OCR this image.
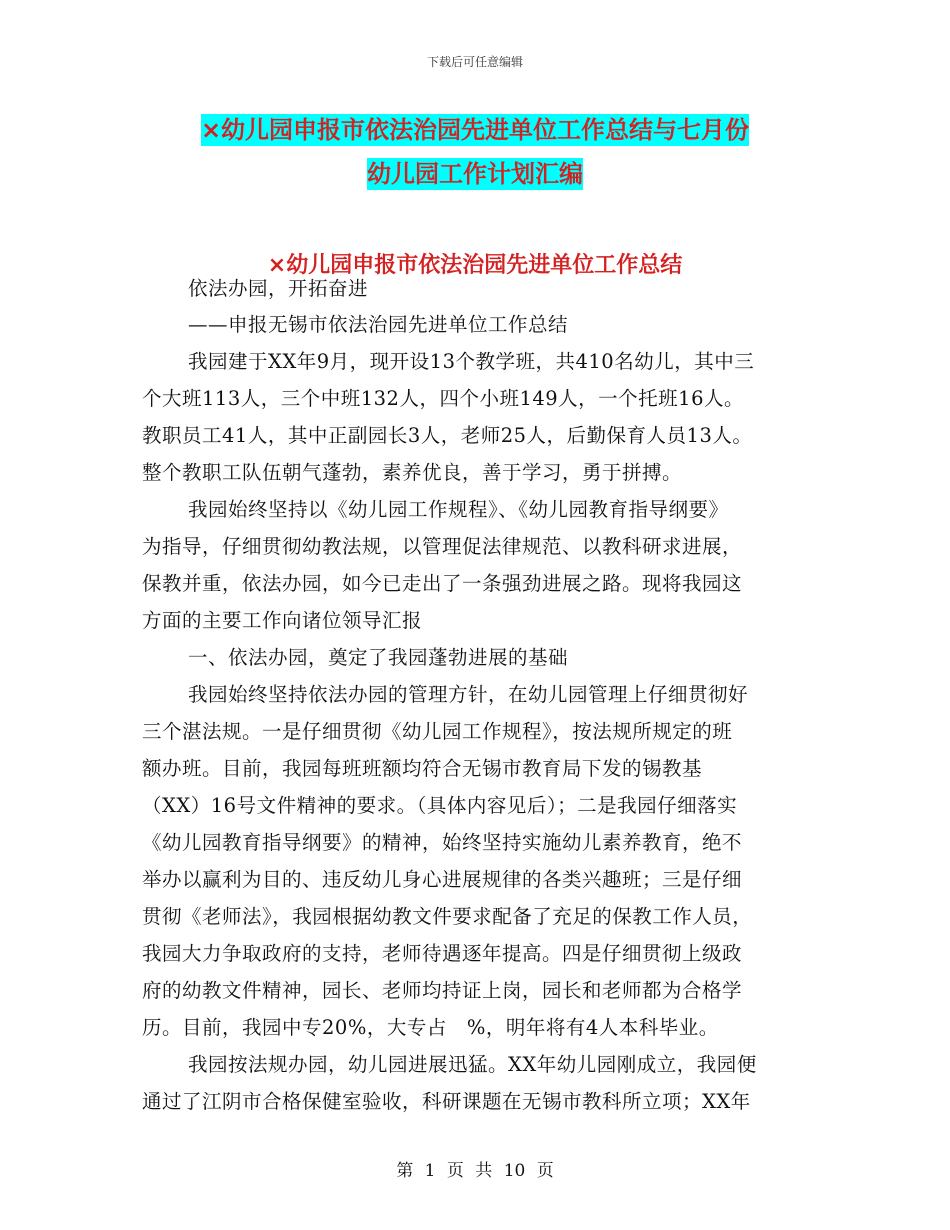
下载后可任意编辑
×幼儿园申报市依法治园先进单位工作总结与七月份
幼儿园工作计划汇编
×幼儿园申报市依法治园先进单位工作总结
依法办园，开拓奋进
——申报无锡市依法治园先进单位工作总结
我园建于XX年9月，现开设13个教学班，共410名幼儿，其中三
个大班113人，三个中班132人，四个小班149人，一个托班16人。
教职员工41人，其中正副园长3人，老师25人，后勤保育人员13人。
整个教职工队伍朝气蓬勃，素养优良，善于学习，勇于拼搏。
我园始终坚持以《幼儿园工作规程》、《幼儿园教育指导纲要》
为指导，仔细贯彻幼教法规，以管理促法律规范、以教科研求进展，
保教并重，依法办园，如今已走出了一条强劲进展之路。现将我园这
方面的主要工作向诸位领导汇报
一、依法办园，奠定了我园蓬勃进展的基础
我园始终坚持依法办园的管理方针，在幼儿园管理上仔细贯彻好
三个湛法规。一是仔细贯彻《幼儿园工作规程》，按法规所规定的班
额办班。目前，我园每班班额均符合无锡市教育局下发的锡教基
（XX）16号文件精神的要求。（具体内容见后）；二是我园仔细落实
《幼儿园教育指导纲要》的精神，始终坚持实施幼儿素养教育，绝不
举办以赢利为目的、违反幼儿身心进展规律的各类兴趣班；三是仔细
贯彻《老师法》，我园根据幼教文件要求配备了充足的保教工作人员，
我园大力争取政府的支持，老师待遇逐年提高。四是仔细贯彻上级政
府的幼教文件精神，园长、老师均持证上岗，园长和老师都为合格学
历。目前，我园中专20%，大专占　%，明年将有4人本科毕业。
我园按法规办园，幼儿园进展迅猛。XX年幼儿园刚成立，我园便
通过了江阴市合格保健室验收，科研课题在无锡市教科所立项；XX年
第 1 页 共 10 页
